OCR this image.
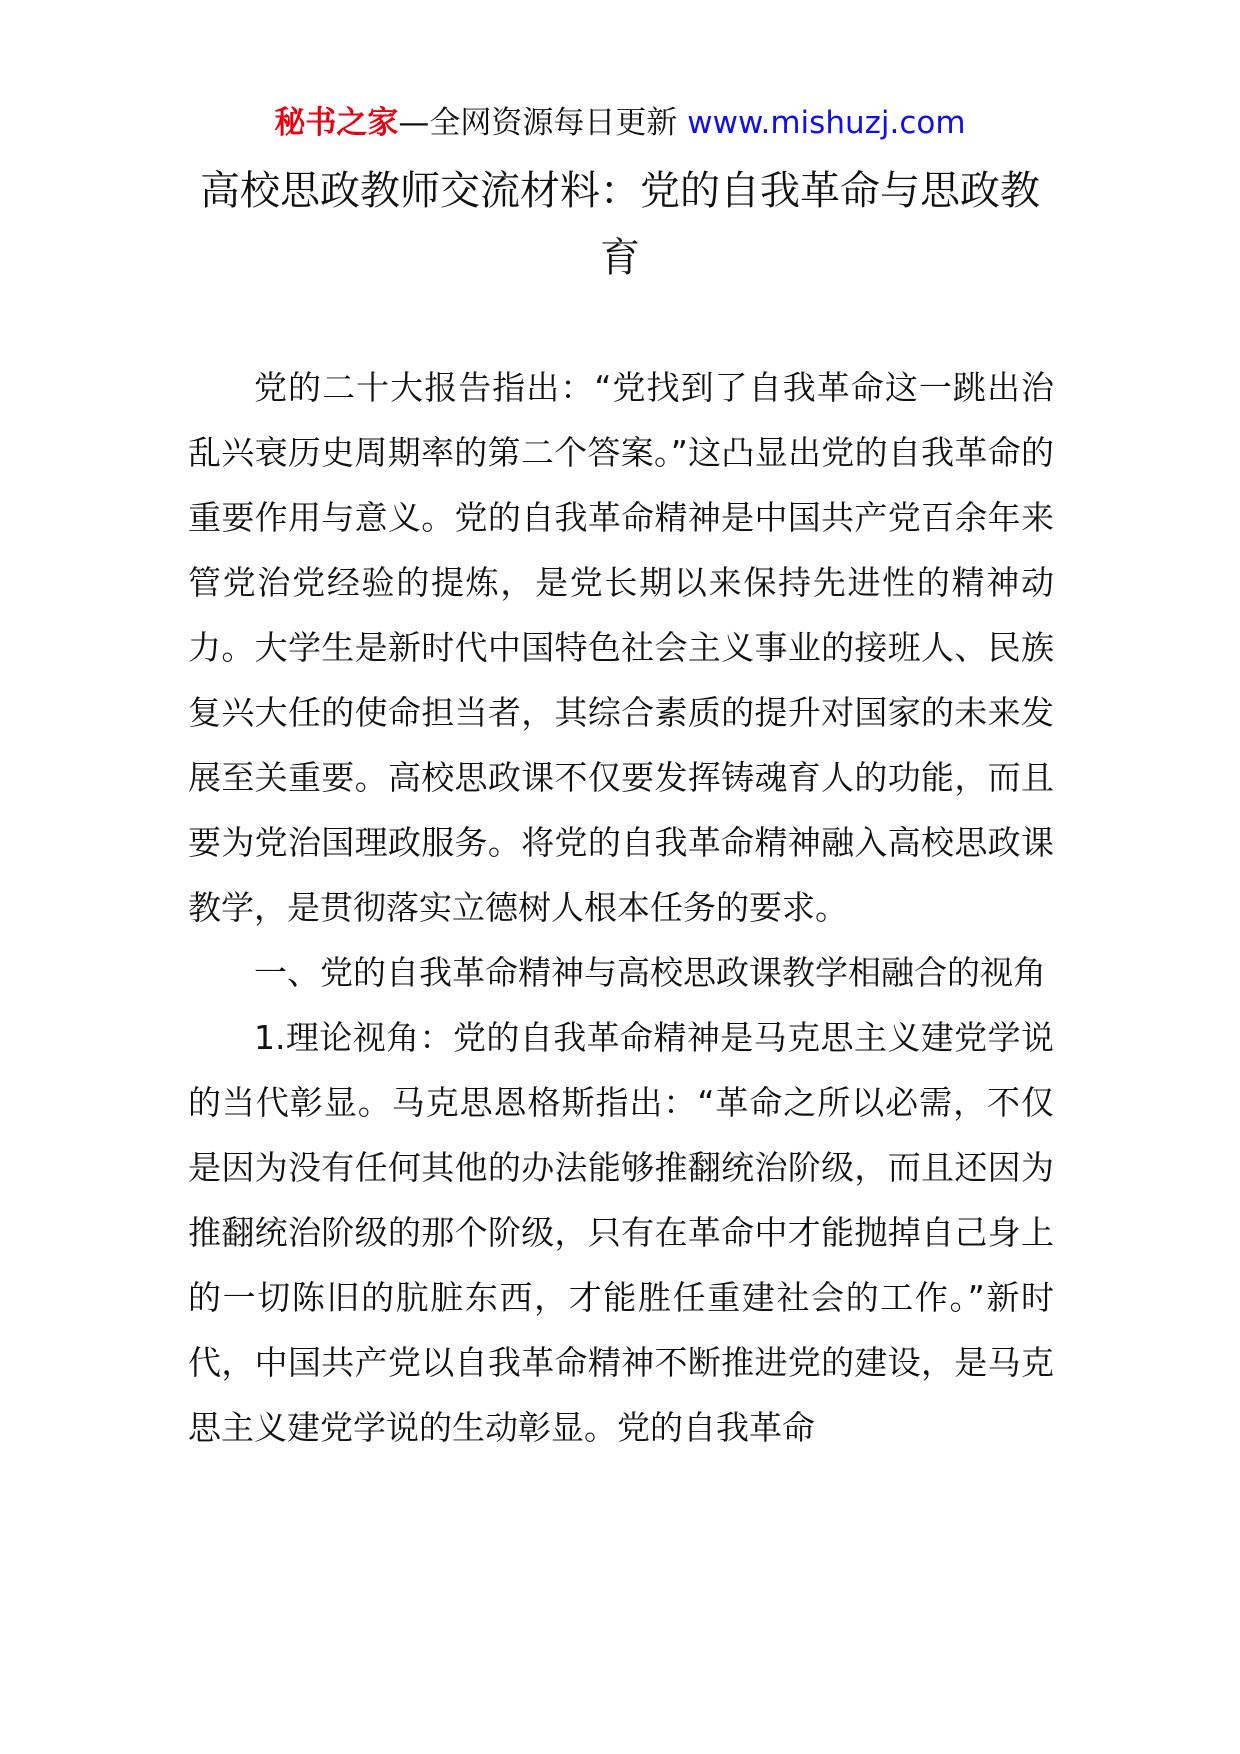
秘书之家—全网资源每日更新 www.mishuzj.com
高校思政教师交流材料：党的自我革命与思政教育

党的二十大报告指出：“党找到了自我革命这一跳出治乱兴衰历史周期率的第二个答案。”这凸显出党的自我革命的重要作用与意义。党的自我革命精神是中国共产党百余年来管党治党经验的提炼，是党长期以来保持先进性的精神动力。大学生是新时代中国特色社会主义事业的接班人、民族复兴大任的使命担当者，其综合素质的提升对国家的未来发展至关重要。高校思政课不仅要发挥铸魂育人的功能，而且要为党治国理政服务。将党的自我革命精神融入高校思政课教学，是贯彻落实立德树人根本任务的要求。

一、党的自我革命精神与高校思政课教学相融合的视角

1.理论视角：党的自我革命精神是马克思主义建党学说的当代彰显。马克思恩格斯指出：“革命之所以必需，不仅是因为没有任何其他的办法能够推翻统治阶级，而且还因为推翻统治阶级的那个阶级，只有在革命中才能抛掉自己身上的一切陈旧的肮脏东西，才能胜任重建社会的工作。”新时代，中国共产党以自我革命精神不断推进党的建设，是马克思主义建党学说的生动彰显。党的自我革命
